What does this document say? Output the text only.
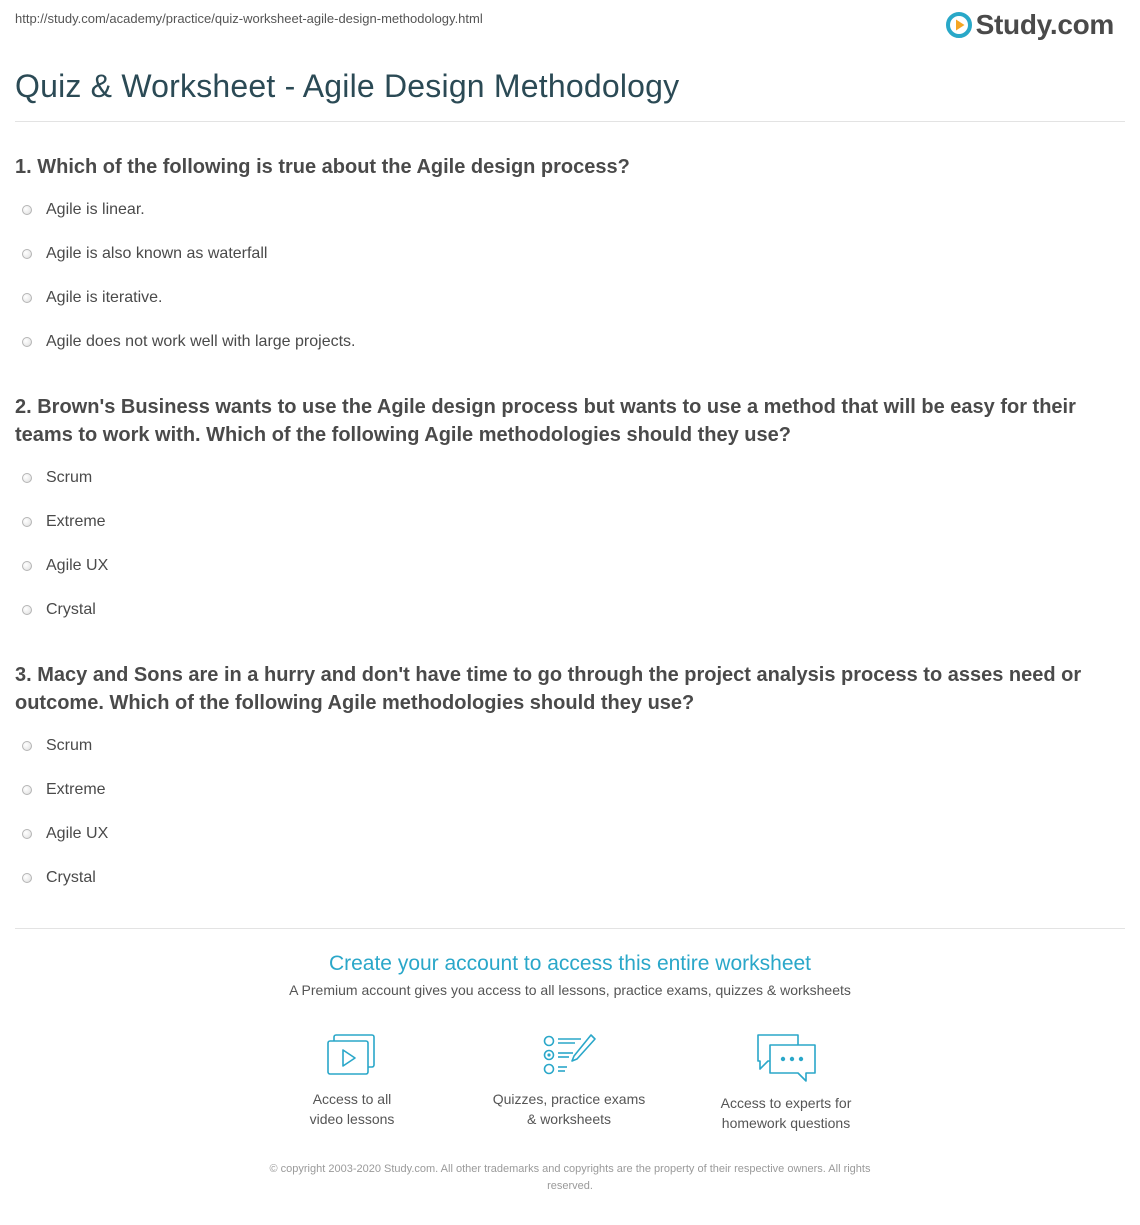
http://study.com/academy/practice/quiz-worksheet-agile-design-methodology.html	Study.com
Quiz & Worksheet - Agile Design Methodology

1. Which of the following is true about the Agile design process?

Agile is linear.
Agile is also known as waterfall
Agile is iterative.
Agile does not work well with large projects.

2. Brown's Business wants to use the Agile design process but wants to use a method that will be easy for their teams to work with. Which of the following Agile methodologies should they use?

Scrum
Extreme
Agile UX
Crystal

3. Macy and Sons are in a hurry and don't have time to go through the project analysis process to asses need or outcome. Which of the following Agile methodologies should they use?

Scrum
Extreme
Agile UX
Crystal
Create your account to access this entire worksheet
A Premium account gives you access to all lessons, practice exams, quizzes & worksheets
Access to all
video lessons
Quizzes, practice exams
& worksheets
Access to experts for
homework questions
© copyright 2003-2020 Study.com. All other trademarks and copyrights are the property of their respective owners. All rights
reserved.
